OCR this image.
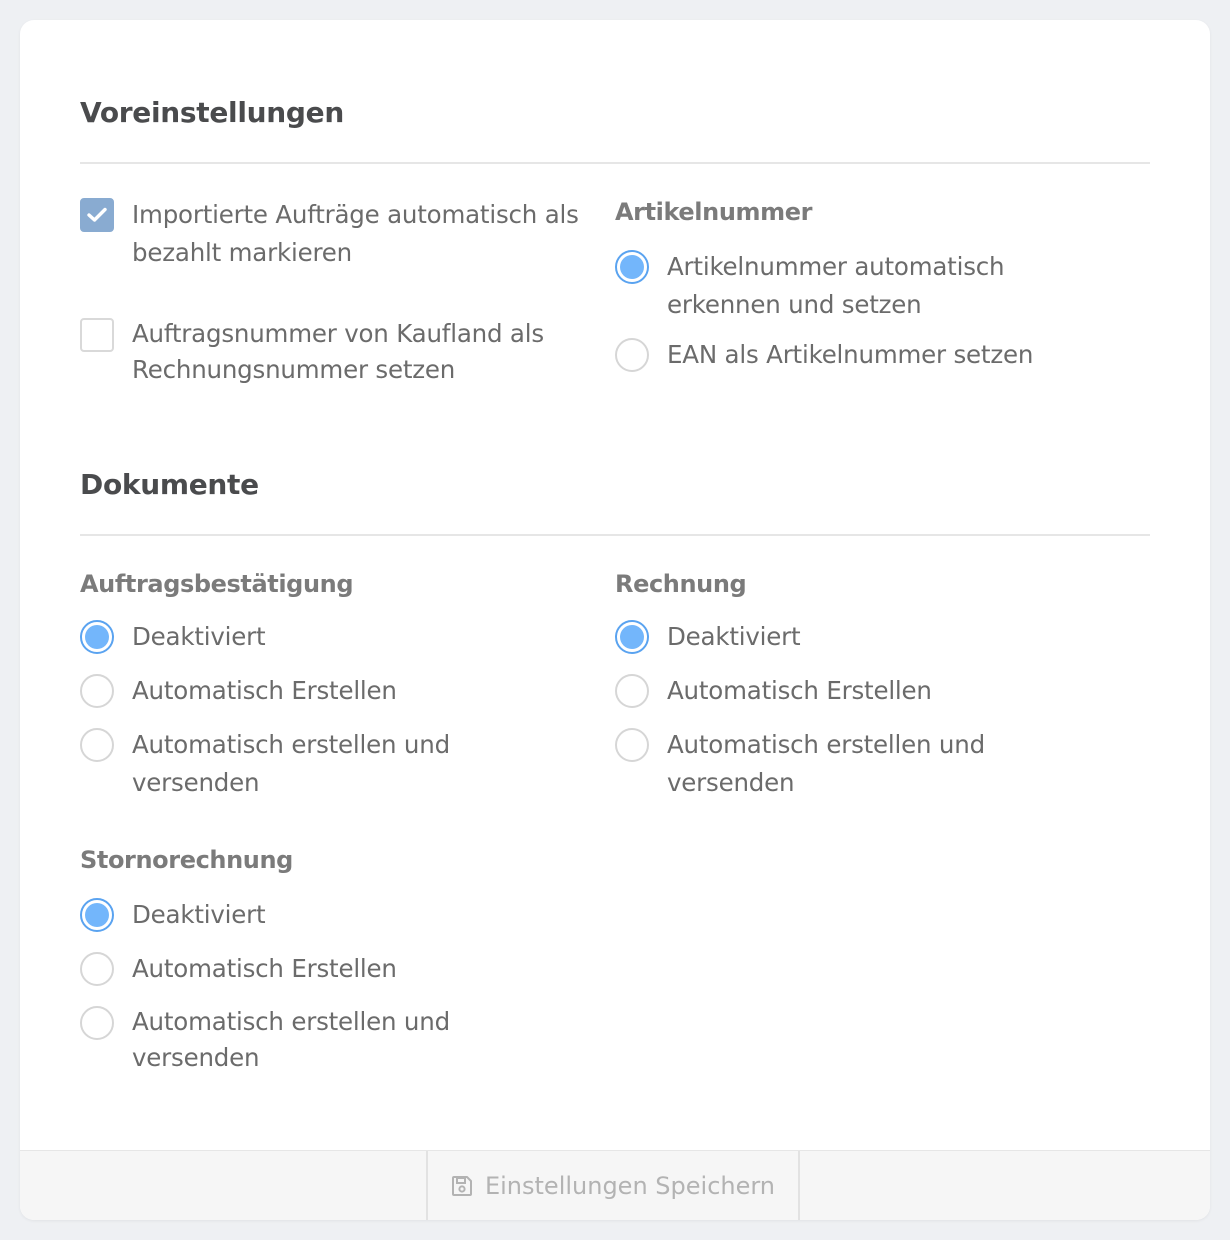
Voreinstellungen
Importierte Aufträge automatisch als
bezahlt markieren
Auftragsnummer von Kaufland als
Rechnungsnummer setzen
Artikelnummer
Artikelnummer automatisch
erkennen und setzen
EAN als Artikelnummer setzen
Dokumente
Auftragsbestätigung
Deaktiviert
Automatisch Erstellen
Automatisch erstellen und
versenden
Rechnung
Deaktiviert
Automatisch Erstellen
Automatisch erstellen und
versenden
Stornorechnung
Deaktiviert
Automatisch Erstellen
Automatisch erstellen und
versenden
Einstellungen Speichern
